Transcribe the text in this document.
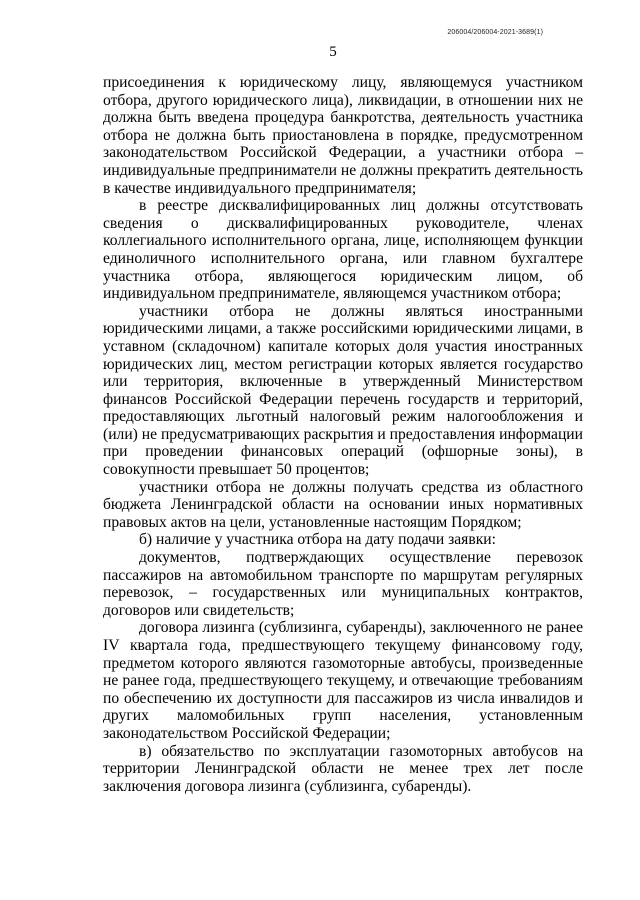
206004/206004-2021-3689(1)
5

присоединения к юридическому лицу, являющемуся участником отбора, другого юридического лица), ликвидации, в отношении них не должна быть введена процедура банкротства, деятельность участника отбора не должна быть приостановлена в порядке, предусмотренном законодательством Российской Федерации, а участники отбора – индивидуальные предприниматели не должны прекратить деятельность в качестве индивидуального предпринимателя;

в реестре дисквалифицированных лиц должны отсутствовать сведения о дисквалифицированных руководителе, членах коллегиального исполнительного органа, лице, исполняющем функции единоличного исполнительного органа, или главном бухгалтере участника отбора, являющегося юридическим лицом, об индивидуальном предпринимателе, являющемся участником отбора;

участники отбора не должны являться иностранными юридическими лицами, а также российскими юридическими лицами, в уставном (складочном) капитале которых доля участия иностранных юридических лиц, местом регистрации которых является государство или территория, включенные в утвержденный Министерством финансов Российской Федерации перечень государств и территорий, предоставляющих льготный налоговый режим налогообложения и (или) не предусматривающих раскрытия и предоставления информации при проведении финансовых операций (офшорные зоны), в совокупности превышает 50 процентов;

участники отбора не должны получать средства из областного бюджета Ленинградской области на основании иных нормативных правовых актов на цели, установленные настоящим Порядком;

б) наличие у участника отбора на дату подачи заявки:

документов, подтверждающих осуществление перевозок пассажиров на автомобильном транспорте по маршрутам регулярных перевозок, – государственных или муниципальных контрактов, договоров или свидетельств;

договора лизинга (сублизинга, субаренды), заключенного не ранее IV квартала года, предшествующего текущему финансовому году, предметом которого являются газомоторные автобусы, произведенные не ранее года, предшествующего текущему, и отвечающие требованиям по обеспечению их доступности для пассажиров из числа инвалидов и других маломобильных групп населения, установленным законодательством Российской Федерации;

в) обязательство по эксплуатации газомоторных автобусов на территории Ленинградской области не менее трех лет после заключения договора лизинга (сублизинга, субаренды).
